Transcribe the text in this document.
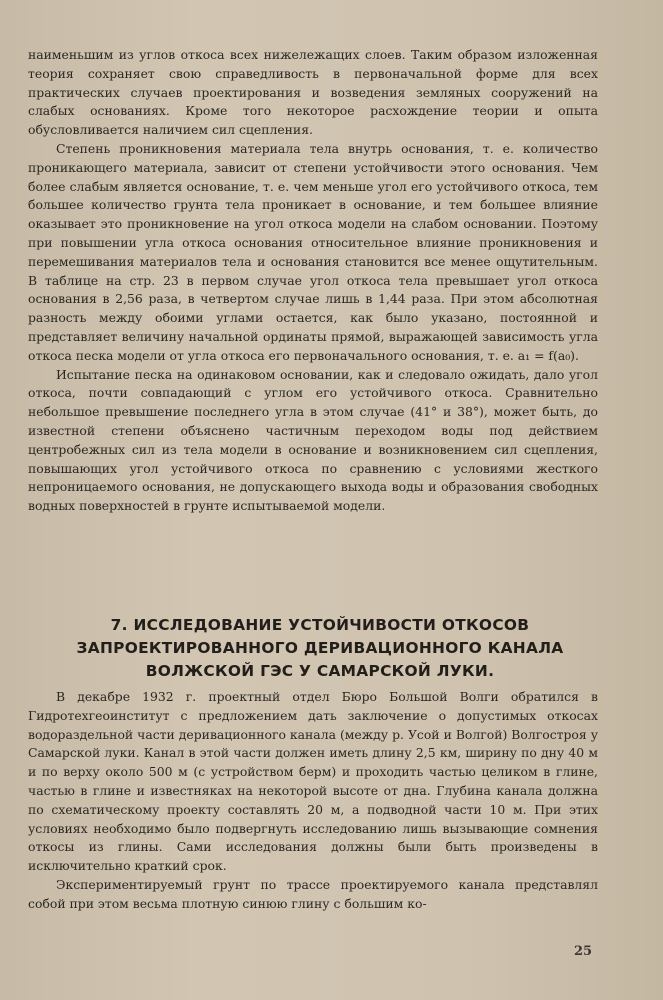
наименьшим из углов откоса всех нижележащих слоев. Таким образом изложенная теория сохраняет свою справедливость в первоначальной форме для всех практических случаев проектирования и возведения земляных сооружений на слабых основаниях. Кроме того некоторое расхождение теории и опыта обусловливается наличием сил сцепления.

Степень проникновения материала тела внутрь основания, т. е. количество проникающего материала, зависит от степени устойчивости этого основания. Чем более слабым является основание, т. е. чем меньше угол его устойчивого откоса, тем большее количество грунта тела проникает в основание, и тем большее влияние оказывает это проникновение на угол откоса модели на слабом основании. Поэтому при повышении угла откоса основания относительное влияние проникновения и перемешивания материалов тела и основания становится все менее ощутительным. В таблице на стр. 23 в первом случае угол откоса тела превышает угол откоса основания в 2,56 раза, в четвертом случае лишь в 1,44 раза. При этом абсолютная разность между обоими углами остается, как было указано, постоянной и представляет величину начальной ординаты прямой, выражающей зависимость угла откоса песка модели от угла откоса его первоначального основания, т. е. a₁ = f(a₀).

Испытание песка на одинаковом основании, как и следовало ожидать, дало угол откоса, почти совпадающий с углом его устойчивого откоса. Сравнительно небольшое превышение последнего угла в этом случае (41° и 38°), может быть, до известной степени объяснено частичным переходом воды под действием центробежных сил из тела модели в основание и возникновением сил сцепления, повышающих угол устойчивого откоса по сравнению с условиями жесткого непроницаемого основания, не допускающего выхода воды и образования свободных водных поверхностей в грунте испытываемой модели.

7. ИССЛЕДОВАНИЕ УСТОЙЧИВОСТИ ОТКОСОВ
ЗАПРОЕКТИРОВАННОГО ДЕРИВАЦИОННОГО КАНАЛА
ВОЛЖСКОЙ ГЭС У САМАРСКОЙ ЛУКИ.

В декабре 1932 г. проектный отдел Бюро Большой Волги обратился в Гидротехгеоинститут с предложением дать заключение о допустимых откосах водораздельной части деривационного канала (между р. Усой и Волгой) Волгостроя у Самарской луки. Канал в этой части должен иметь длину 2,5 км, ширину по дну 40 м и по верху около 500 м (с устройством берм) и проходить частью целиком в глине, частью в глине и известняках на некоторой высоте от дна. Глубина канала должна по схематическому проекту составлять 20 м, а подводной части 10 м. При этих условиях необходимо было подвергнуть исследованию лишь вызывающие сомнения откосы из глины. Сами исследования должны были быть произведены в исключительно краткий срок.

Экспериментируемый грунт по трассе проектируемого канала представлял собой при этом весьма плотную синюю глину с большим ко-

25
